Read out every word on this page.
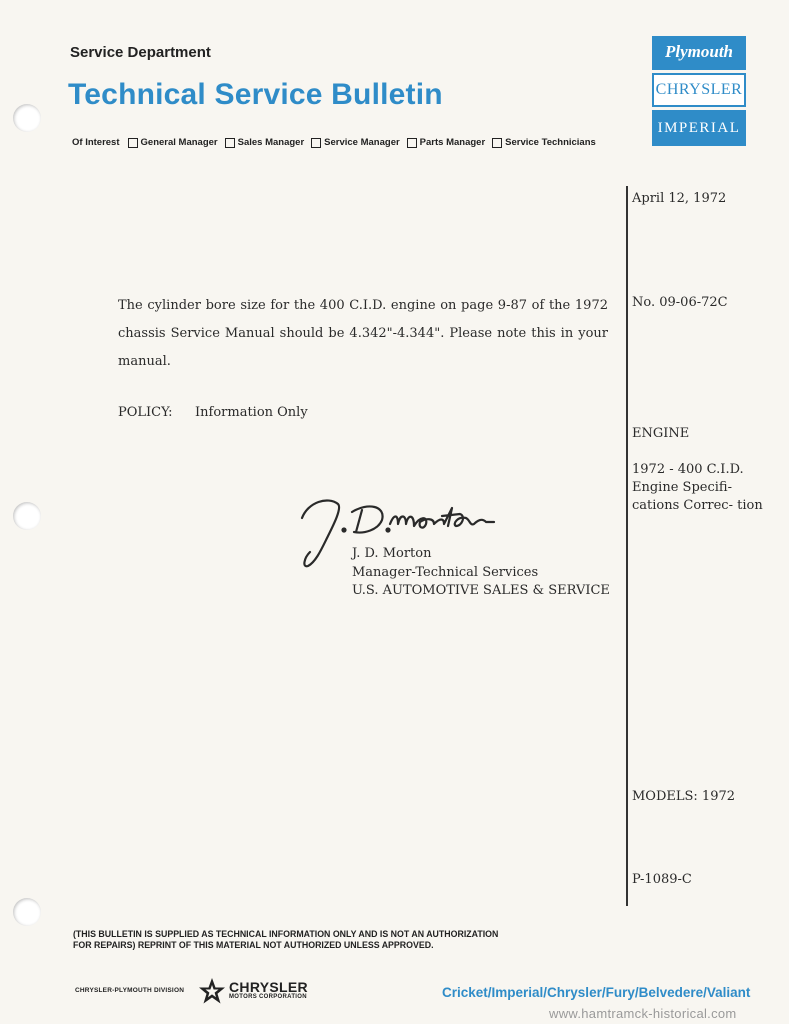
Service Department
Technical Service Bulletin
Of Interest General Manager Sales Manager Service Manager Parts Manager Service Technicians
Plymouth
CHRYSLER
IMPERIAL
April 12, 1972
No. 09-06-72C
ENGINE
1972 - 400 C.I.D. Engine Specifi- cations Correc- tion
MODELS: 1972
P-1089-C

The cylinder bore size for the 400 C.I.D. engine on page 9-87 of the 1972 chassis Service Manual should be 4.342"-4.344". Please note this in your manual.

POLICY:	Information Only
J. D. Morton
Manager-Technical Services
U.S. AUTOMOTIVE SALES & SERVICE
(THIS BULLETIN IS SUPPLIED AS TECHNICAL INFORMATION ONLY AND IS NOT AN AUTHORIZATION
FOR REPAIRS) REPRINT OF THIS MATERIAL NOT AUTHORIZED UNLESS APPROVED.
CHRYSLER-PLYMOUTH DIVISION	CHRYSLER
MOTORS CORPORATION	Cricket/Imperial/Chrysler/Fury/Belvedere/Valiant
www.hamtramck-historical.com
